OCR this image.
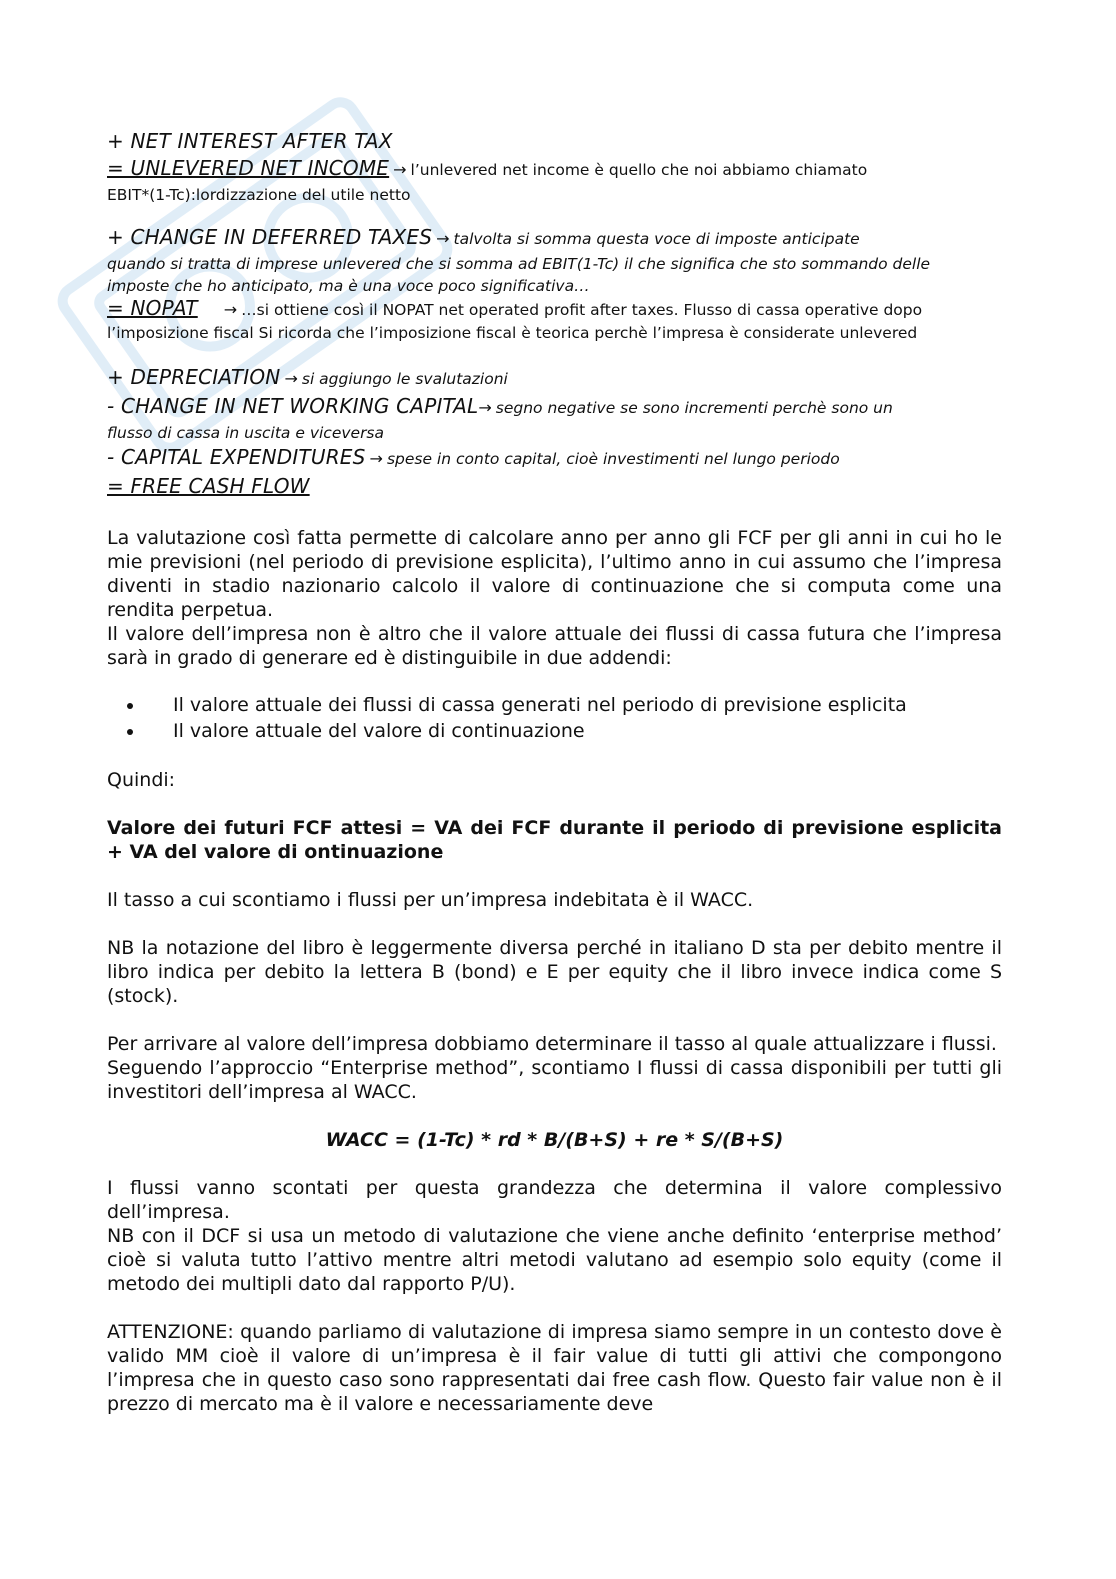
+ NET INTEREST AFTER TAX
= UNLEVERED NET INCOME → l’unlevered net income è quello che noi abbiamo chiamato
EBIT*(1-Tc):lordizzazione del utile netto
+ CHANGE IN DEFERRED TAXES → talvolta si somma questa voce di imposte anticipate
quando si tratta di imprese unlevered che si somma ad EBIT(1-Tc) il che significa che sto sommando delle
imposte che ho anticipato, ma è una voce poco significativa…
= NOPAT → …si ottiene così il NOPAT net operated profit after taxes. Flusso di cassa operative dopo
l’imposizione fiscal Si ricorda che l’imposizione fiscal è teorica perchè l’impresa è considerate unlevered
+ DEPRECIATION → si aggiungo le svalutazioni
- CHANGE IN NET WORKING CAPITAL→ segno negative se sono incrementi perchè sono un
flusso di cassa in uscita e viceversa
- CAPITAL EXPENDITURES → spese in conto capital, cioè investimenti nel lungo periodo
= FREE CASH FLOW

La valutazione così fatta permette di calcolare anno per anno gli FCF per gli anni in cui ho le mie previsioni (nel periodo di previsione esplicita), l’ultimo anno in cui assumo che l’impresa diventi in stadio nazionario calcolo il valore di continuazione che si computa come una rendita perpetua.

Il valore dell’impresa non è altro che il valore attuale dei flussi di cassa futura che l’impresa sarà in grado di generare ed è distinguibile in due addendi:

• Il valore attuale dei flussi di cassa generati nel periodo di previsione esplicita
• Il valore attuale del valore di continuazione

Quindi:

Valore dei futuri FCF attesi = VA dei FCF durante il periodo di previsione esplicita + VA del valore di ontinuazione

Il tasso a cui scontiamo i flussi per un’impresa indebitata è il WACC.

NB la notazione del libro è leggermente diversa perché in italiano D sta per debito mentre il libro indica per debito la lettera B (bond) e E per equity che il libro invece indica come S (stock).

Per arrivare al valore dell’impresa dobbiamo determinare il tasso al quale attualizzare i flussi.

Seguendo l’approccio “Enterprise method”, scontiamo I flussi di cassa disponibili per tutti gli investitori dell’impresa al WACC.

WACC = (1-Tc) * rd * B/(B+S) + re * S/(B+S)

I flussi vanno scontati per questa grandezza che determina il valore complessivo dell’impresa.

NB con il DCF si usa un metodo di valutazione che viene anche definito ‘enterprise method’ cioè si valuta tutto l’attivo mentre altri metodi valutano ad esempio solo equity (come il metodo dei multipli dato dal rapporto P/U).

ATTENZIONE: quando parliamo di valutazione di impresa siamo sempre in un contesto dove è valido MM cioè il valore di un’impresa è il fair value di tutti gli attivi che compongono l’impresa che in questo caso sono rappresentati dai free cash flow. Questo fair value non è il prezzo di mercato ma è il valore e necessariamente deve
